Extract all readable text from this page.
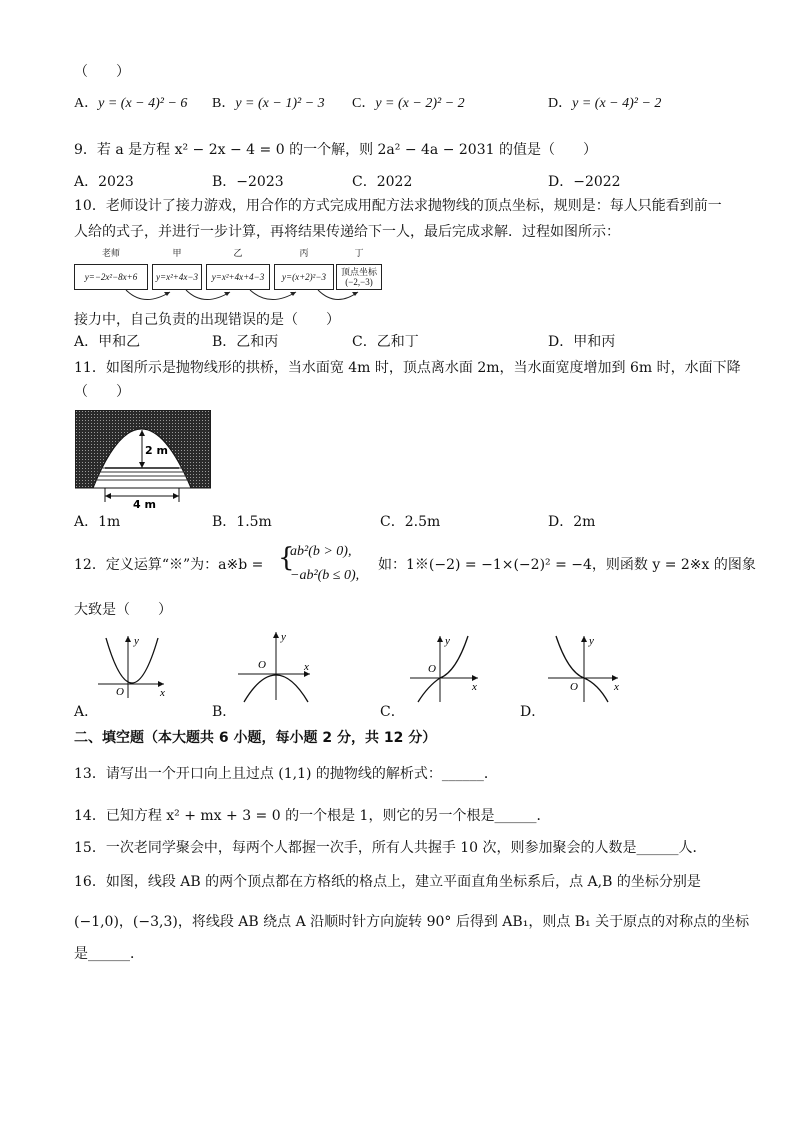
（　　）
A．y = (x − 4)² − 6 B．y = (x − 1)² − 3 C．y = (x − 2)² − 2	D．y = (x − 4)² − 2
9．若 a 是方程 x² − 2x − 4 = 0 的一个解，则 2a² − 4a − 2031 的值是（　　）
A．2023	B．−2023	C．2022	D．−2022
10．老师设计了接力游戏，用合作的方式完成用配方法求抛物线的顶点坐标，规则是：每人只能看到前一
人给的式子，并进行一步计算，再将结果传递给下一人，最后完成求解．过程如图所示：
老师	甲	乙	丙	丁
y=−2x²−8x+6	y=x²+4x−3	y=x²+4x+4−3	y=(x+2)²−3	顶点坐标
(−2,−3)
接力中，自己负责的出现错误的是（　　）
A．甲和乙	B．乙和丙	C．乙和丁	D．甲和丙
11．如图所示是抛物线形的拱桥，当水面宽 4m 时，顶点离水面 2m，当水面宽度增加到 6m 时，水面下降
（　　）
2 m
4 m
A．1m	B．1.5m	C．2.5m	D．2m
12．定义运算“※”为：a※b = {
ab²(b > 0),
−ab²(b ≤ 0),
如：1※(−2) = −1×(−2)² = −4，则函数 y = 2※x 的图象
大致是（　　）
x
y
O
A．
x
y
O
B．
x
y
O
C．
x
y
O
D．
二、填空题（本大题共 6 小题，每小题 2 分，共 12 分）
13．请写出一个开口向上且过点 (1,1) 的抛物线的解析式：______．
14．已知方程 x² + mx + 3 = 0 的一个根是 1，则它的另一个根是______．
15．一次老同学聚会中，每两个人都握一次手，所有人共握手 10 次，则参加聚会的人数是______人．
16．如图，线段 AB 的两个顶点都在方格纸的格点上，建立平面直角坐标系后，点 A,B 的坐标分别是
(−1,0)，(−3,3)，将线段 AB 绕点 A 沿顺时针方向旋转 90° 后得到 AB₁，则点 B₁ 关于原点的对称点的坐标
是______．
